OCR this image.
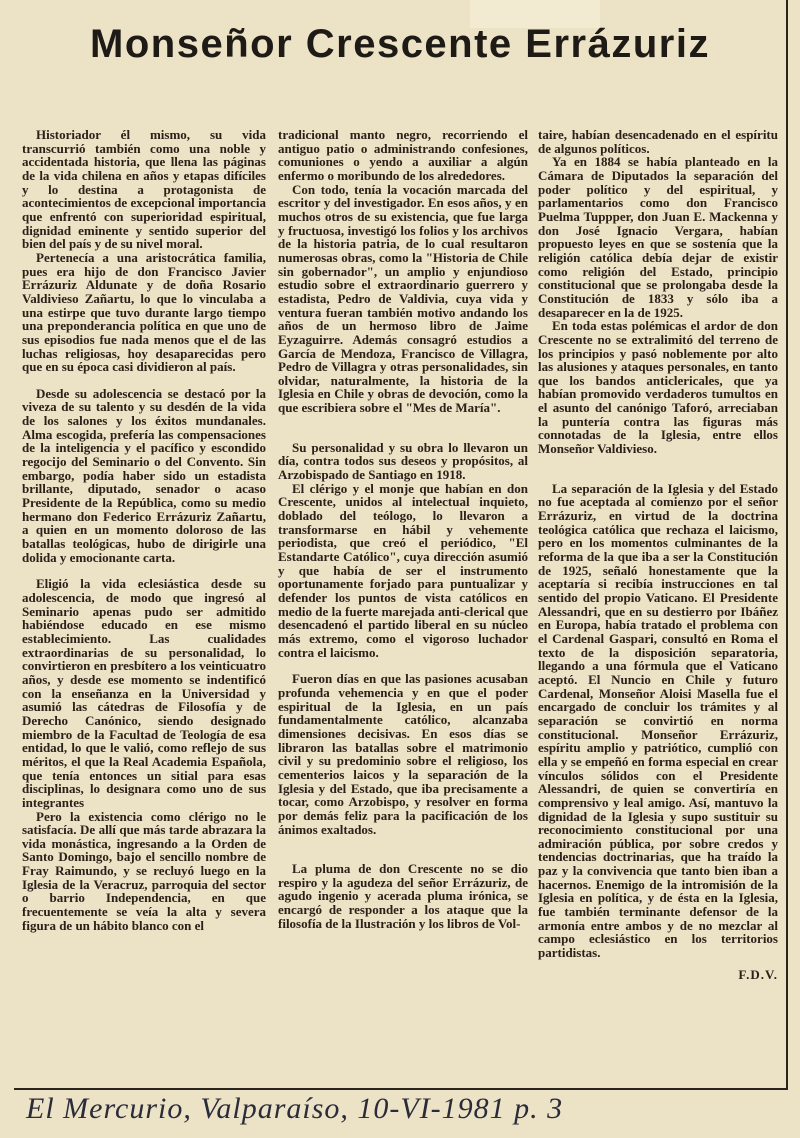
Monseñor Crescente Errázuriz

Historiador él mismo, su vida transcurrió también como una noble y accidentada historia, que llena las páginas de la vida chilena en años y etapas difíciles y lo destina a protagonista de acontecimientos de excepcional importancia que enfrentó con superioridad espiritual, dignidad eminente y sentido superior del bien del país y de su nivel moral.

Pertenecía a una aristocrática familia, pues era hijo de don Francisco Javier Errázuriz Aldunate y de doña Rosario Valdivieso Zañartu, lo que lo vinculaba a una estirpe que tuvo durante largo tiempo una preponderancia política en que uno de sus episodios fue nada menos que el de las luchas religiosas, hoy desaparecidas pero que en su época casi dividieron al país.

Desde su adolescencia se destacó por la viveza de su talento y su desdén de la vida de los salones y los éxitos mundanales. Alma escogida, prefería las compensaciones de la inteligencia y el pacífico y escondido regocijo del Seminario o del Convento. Sin embargo, podía haber sido un estadista brillante, diputado, senador o acaso Presidente de la República, como su medio hermano don Federico Errázuriz Zañartu, a quien en un momento doloroso de las batallas teológicas, hubo de dirigirle una dolida y emocionante carta.

Eligió la vida eclesiástica desde su adolescencia, de modo que ingresó al Seminario apenas pudo ser admitido habiéndose educado en ese mismo establecimiento. Las cualidades extraordinarias de su personalidad, lo convirtieron en presbítero a los veinticuatro años, y desde ese momento se indentificó con la enseñanza en la Universidad y asumió las cátedras de Filosofía y de Derecho Canónico, siendo designado miembro de la Facultad de Teología de esa entidad, lo que le valió, como reflejo de sus méritos, el que la Real Academia Española, que tenía entonces un sitial para esas disciplinas, lo designara como uno de sus integrantes

Pero la existencia como clérigo no le satisfacía. De allí que más tarde abrazara la vida monástica, ingresando a la Orden de Santo Domingo, bajo el sencillo nombre de Fray Raimundo, y se recluyó luego en la Iglesia de la Veracruz, parroquia del sector o barrio Independencia, en que frecuentemente se veía la alta y severa figura de un hábito blanco con el

tradicional manto negro, recorriendo el antiguo patio o administrando confesiones, comuniones o yendo a auxiliar a algún enfermo o moribundo de los alrededores.

Con todo, tenía la vocación marcada del escritor y del investigador. En esos años, y en muchos otros de su existencia, que fue larga y fructuosa, investigó los folios y los archivos de la historia patria, de lo cual resultaron numerosas obras, como la "Historia de Chile sin gobernador", un amplio y enjundioso estudio sobre el extraordinario guerrero y estadista, Pedro de Valdivia, cuya vida y ventura fueran también motivo andando los años de un hermoso libro de Jaime Eyzaguirre. Además consagró estudios a García de Mendoza, Francisco de Villagra, Pedro de Villagra y otras personalidades, sin olvidar, naturalmente, la historia de la Iglesia en Chile y obras de devoción, como la que escribiera sobre el "Mes de María".

Su personalidad y su obra lo llevaron un día, contra todos sus deseos y propósitos, al Arzobispado de Santiago en 1918.

El clérigo y el monje que habían en don Crescente, unidos al intelectual inquieto, doblado del teólogo, lo llevaron a transformarse en hábil y vehemente periodista, que creó el periódico, "El Estandarte Católico", cuya dirección asumió y que había de ser el instrumento oportunamente forjado para puntualizar y defender los puntos de vista católicos en medio de la fuerte marejada anti-clerical que desencadenó el partido liberal en su núcleo más extremo, como el vigoroso luchador contra el laicismo.

Fueron días en que las pasiones acusaban profunda vehemencia y en que el poder espiritual de la Iglesia, en un país fundamentalmente católico, alcanzaba dimensiones decisivas. En esos días se libraron las batallas sobre el matrimonio civil y su predominio sobre el religioso, los cementerios laicos y la separación de la Iglesia y del Estado, que iba precisamente a tocar, como Arzobispo, y resolver en forma por demás feliz para la pacificación de los ánimos exaltados.

La pluma de don Crescente no se dio respiro y la agudeza del señor Errázuriz, de agudo ingenio y acerada pluma irónica, se encargó de responder a los ataque que la filosofía de la Ilustración y los libros de Vol-

taire, habían desencadenado en el espíritu de algunos políticos.

Ya en 1884 se había planteado en la Cámara de Diputados la separación del poder político y del espiritual, y parlamentarios como don Francisco Puelma Tuppper, don Juan E. Mackenna y don José Ignacio Vergara, habían propuesto leyes en que se sostenía que la religión católica debía dejar de existir como religión del Estado, principio constitucional que se prolongaba desde la Constitución de 1833 y sólo iba a desaparecer en la de 1925.

En toda estas polémicas el ardor de don Crescente no se extralimitó del terreno de los principios y pasó noblemente por alto las alusiones y ataques personales, en tanto que los bandos anticlericales, que ya habían promovido verdaderos tumultos en el asunto del canónigo Taforó, arreciaban la puntería contra las figuras más connotadas de la Iglesia, entre ellos Monseñor Valdivieso.

La separación de la Iglesia y del Estado no fue aceptada al comienzo por el señor Errázuriz, en virtud de la doctrina teológica católica que rechaza el laicismo, pero en los momentos culminantes de la reforma de la que iba a ser la Constitución de 1925, señaló honestamente que la aceptaría si recibía instrucciones en tal sentido del propio Vaticano. El Presidente Alessandri, que en su destierro por Ibáñez en Europa, había tratado el problema con el Cardenal Gaspari, consultó en Roma el texto de la disposición separatoria, llegando a una fórmula que el Vaticano aceptó. El Nuncio en Chile y futuro Cardenal, Monseñor Aloisi Masella fue el encargado de concluir los trámites y al separación se convirtió en norma constitucional. Monseñor Errázuriz, espíritu amplio y patriótico, cumplió con ella y se empeñó en forma especial en crear vínculos sólidos con el Presidente Alessandri, de quien se convertiría en comprensivo y leal amigo. Así, mantuvo la dignidad de la Iglesia y supo sustituir su reconocimiento constitucional por una admiración pública, por sobre credos y tendencias doctrinarias, que ha traído la paz y la convivencia que tanto bien iban a hacernos. Enemigo de la intromisión de la Iglesia en política, y de ésta en la Iglesia, fue también terminante defensor de la armonía entre ambos y de no mezclar al campo eclesiástico en los territorios partidistas.

F.D.V.
El Mercurio, Valparaíso, 10-VI-1981 p. 3
